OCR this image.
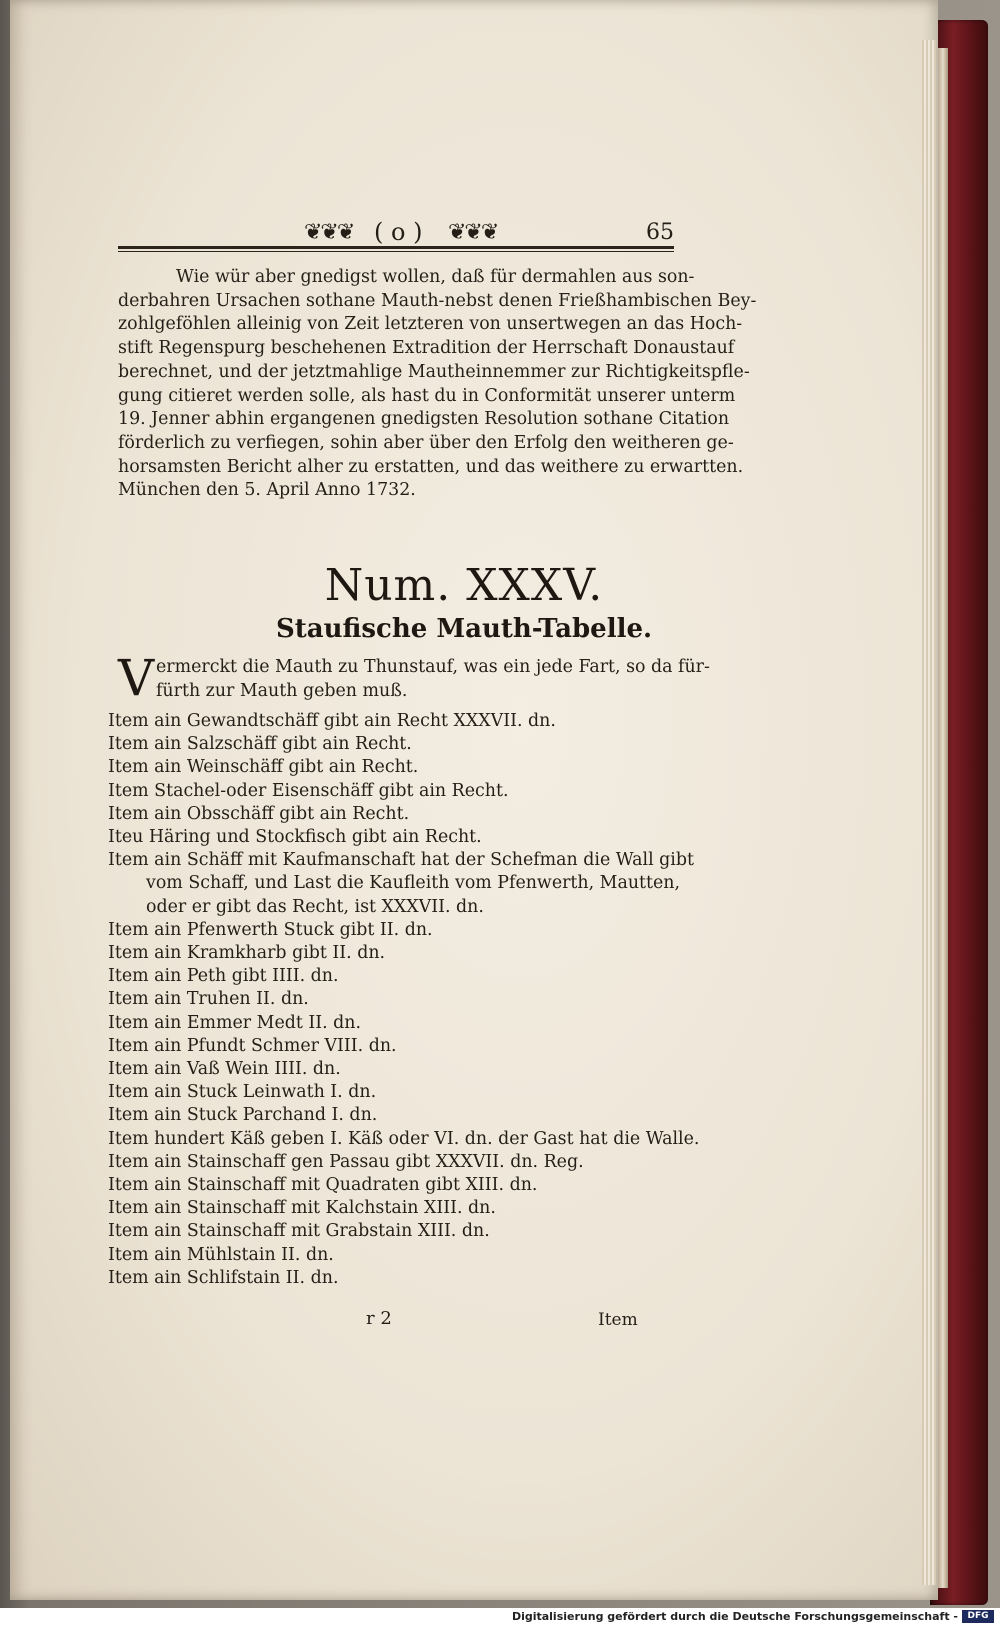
❦❦❦ ( o ) ❦❦❦	65

Wie wür aber gnedigst wollen, daß für dermahlen aus son-
derbahren Ursachen sothane Mauth-nebst denen Frießhambischen Bey-
zohlgeföhlen alleinig von Zeit letzteren von unsertwegen an das Hoch-
stift Regenspurg beschehenen Extradition der Herrschaft Donaustauf
berechnet, und der jetztmahlige Mautheinnemmer zur Richtigkeitspfle-
gung citieret werden solle, als hast du in Conformität unserer unterm
19. Jenner abhin ergangenen gnedigsten Resolution sothane Citation
förderlich zu verfiegen, sohin aber über den Erfolg den weitheren ge-
horsamsten Bericht alher zu erstatten, und das weithere zu erwartten.
München den 5. April Anno 1732.

Num. XXXV.
Staufische Mauth-Tabelle.
V ermerckt die Mauth zu Thunstauf, was ein jede Fart, so da für-
fürth zur Mauth geben muß.
Item ain Gewandtschäff gibt ain Recht XXXVII. dn.
Item ain Salzschäff gibt ain Recht.
Item ain Weinschäff gibt ain Recht.
Item Stachel-oder Eisenschäff gibt ain Recht.
Item ain Obsschäff gibt ain Recht.
Iteu Häring und Stockfisch gibt ain Recht.
Item ain Schäff mit Kaufmanschaft hat der Schefman die Wall gibt
vom Schaff, und Last die Kaufleith vom Pfenwerth, Mautten,
oder er gibt das Recht, ist XXXVII. dn.
Item ain Pfenwerth Stuck gibt II. dn.
Item ain Kramkharb gibt II. dn.
Item ain Peth gibt IIII. dn.
Item ain Truhen II. dn.
Item ain Emmer Medt II. dn.
Item ain Pfundt Schmer VIII. dn.
Item ain Vaß Wein IIII. dn.
Item ain Stuck Leinwath I. dn.
Item ain Stuck Parchand I. dn.
Item hundert Käß geben I. Käß oder VI. dn. der Gast hat die Walle.
Item ain Stainschaff gen Passau gibt XXXVII. dn. Reg.
Item ain Stainschaff mit Quadraten gibt XIII. dn.
Item ain Stainschaff mit Kalchstain XIII. dn.
Item ain Stainschaff mit Grabstain XIII. dn.
Item ain Mühlstain II. dn.
Item ain Schlifstain II. dn.
r 2	Item
Digitalisierung gefördert durch die Deutsche Forschungsgemeinschaft -	DFG
